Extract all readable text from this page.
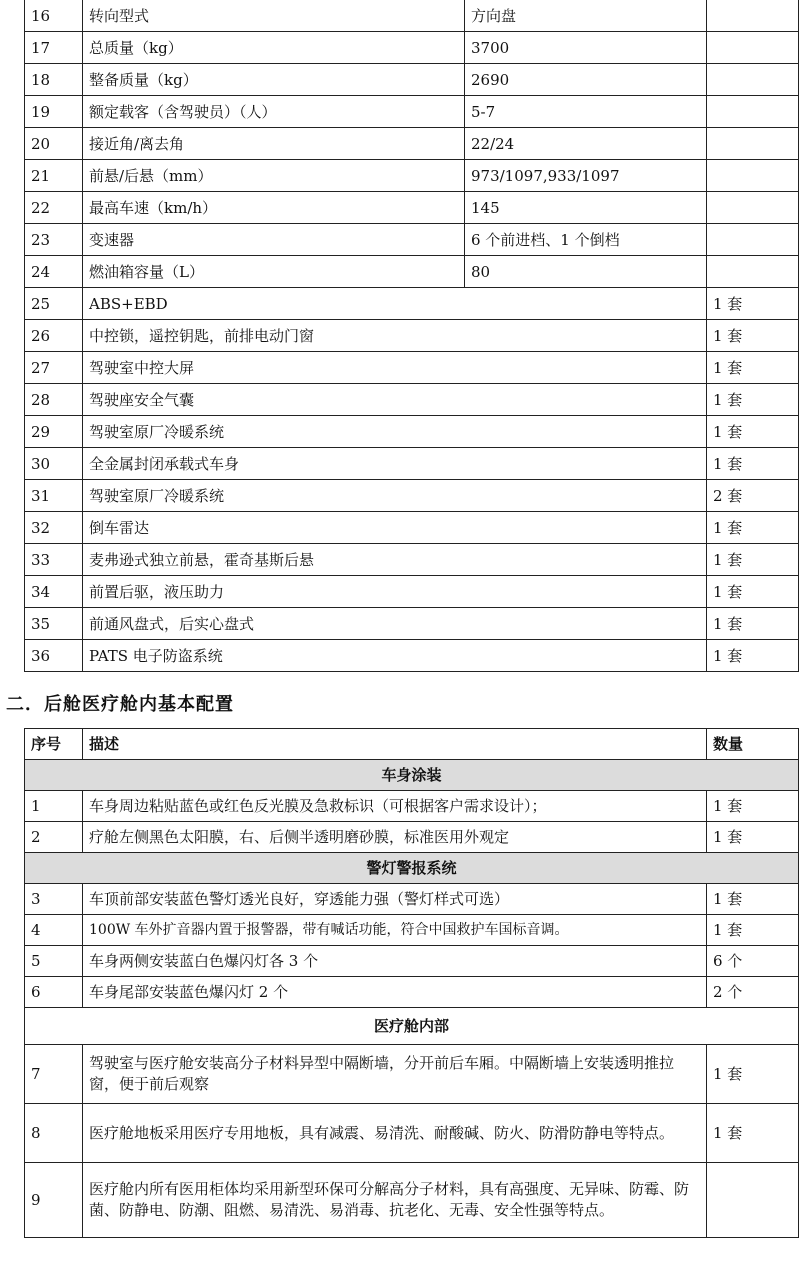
16	转向型式	方向盘	
17	总质量（kg）	3700	
18	整备质量（kg）	2690	
19	额定载客（含驾驶员）（人）	5-7	
20	接近角/离去角	22/24	
21	前悬/后悬（mm）	973/1097,933/1097	
22	最高车速（km/h）	145	
23	变速器	6 个前进档、1 个倒档	
24	燃油箱容量（L）	80	
25	ABS+EBD		1 套
26	中控锁，遥控钥匙，前排电动门窗		1 套
27	驾驶室中控大屏		1 套
28	驾驶座安全气囊		1 套
29	驾驶室原厂冷暖系统		1 套
30	全金属封闭承载式车身		1 套
31	驾驶室原厂冷暖系统		2 套
32	倒车雷达		1 套
33	麦弗逊式独立前悬，霍奇基斯后悬		1 套
34	前置后驱，液压助力		1 套
35	前通风盘式，后实心盘式		1 套
36	PATS 电子防盗系统		1 套
二．后舱医疗舱内基本配置
序号	描述	数量
车身涂装		
1	车身周边粘贴蓝色或红色反光膜及急救标识（可根据客户需求设计）；	1 套
2	疗舱左侧黑色太阳膜，右、后侧半透明磨砂膜，标准医用外观定	1 套
警灯警报系统		
3	车顶前部安装蓝色警灯透光良好，穿透能力强（警灯样式可选）	1 套
4	100W 车外扩音器内置于报警器，带有喊话功能，符合中国救护车国标音调。	1 套
5	车身两侧安装蓝白色爆闪灯各 3 个	6 个
6	车身尾部安装蓝色爆闪灯 2 个	2 个
医疗舱内部		
7	驾驶室与医疗舱安装高分子材料异型中隔断墙，分开前后车厢。中隔断墙上安装透明推拉窗，便于前后观察	1 套
8	医疗舱地板采用医疗专用地板，具有减震、易清洗、耐酸碱、防火、防滑防静电等特点。	1 套
9	医疗舱内所有医用柜体均采用新型环保可分解高分子材料，具有高强度、无异味、防霉、防菌、防静电、防潮、阻燃、易清洗、易消毒、抗老化、无毒、安全性强等特点。	
